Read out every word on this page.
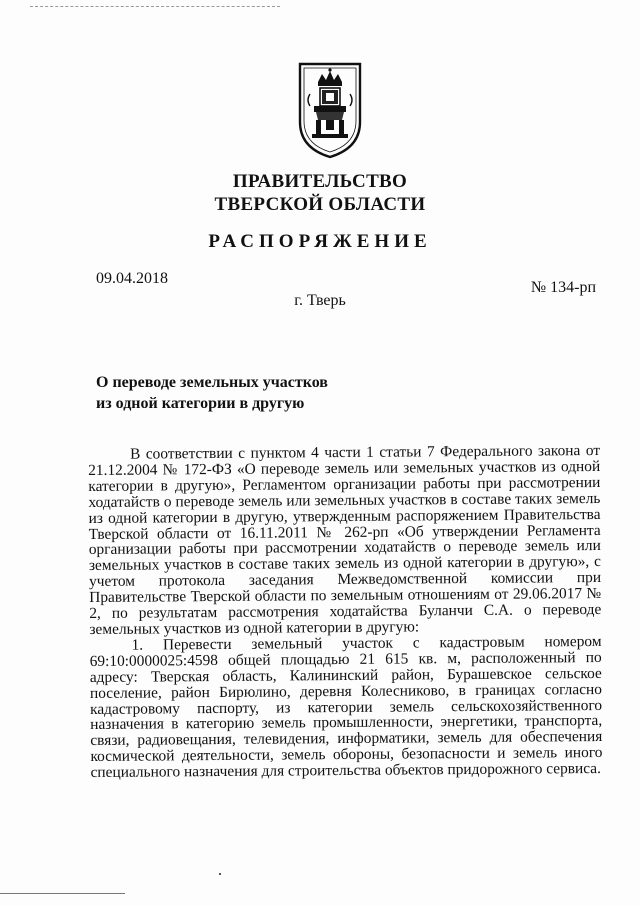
ПРАВИТЕЛЬСТВО
ТВЕРСКОЙ ОБЛАСТИ
РАСПОРЯЖЕНИЕ
09.04.2018
№ 134-рп
г. Тверь
О переводе земельных участков
из одной категории в другую

В соответствии с пунктом 4 части 1 статьи 7 Федерального закона от 21.12.2004 № 172-ФЗ «О переводе земель или земельных участков из одной категории в другую», Регламентом организации работы при рассмотрении ходатайств о переводе земель или земельных участков в составе таких земель из одной категории в другую, утвержденным распоряжением Правительства Тверской области от 16.11.2011 № 262-рп «Об утверждении Регламента организации работы при рассмотрении ходатайств о переводе земель или земельных участков в составе таких земель из одной категории в другую», с учетом протокола заседания Межведомственной комиссии при Правительстве Тверской области по земельным отношениям от 29.06.2017 № 2, по результатам рассмотрения ходатайства Буланчи С.А. о переводе земельных участков из одной категории в другую:

1. Перевести земельный участок с кадастровым номером 69:10:0000025:4598 общей площадью 21 615 кв. м, расположенный по адресу: Тверская область, Калининский район, Бурашевское сельское поселение, район Бирюлино, деревня Колесниково, в границах согласно кадастровому паспорту, из категории земель сельскохозяйственного назначения в категорию земель промышленности, энергетики, транспорта, связи, радиовещания, телевидения, информатики, земель для обеспечения космической деятельности, земель обороны, безопасности и земель иного специального назначения для строительства объектов придорожного сервиса.
